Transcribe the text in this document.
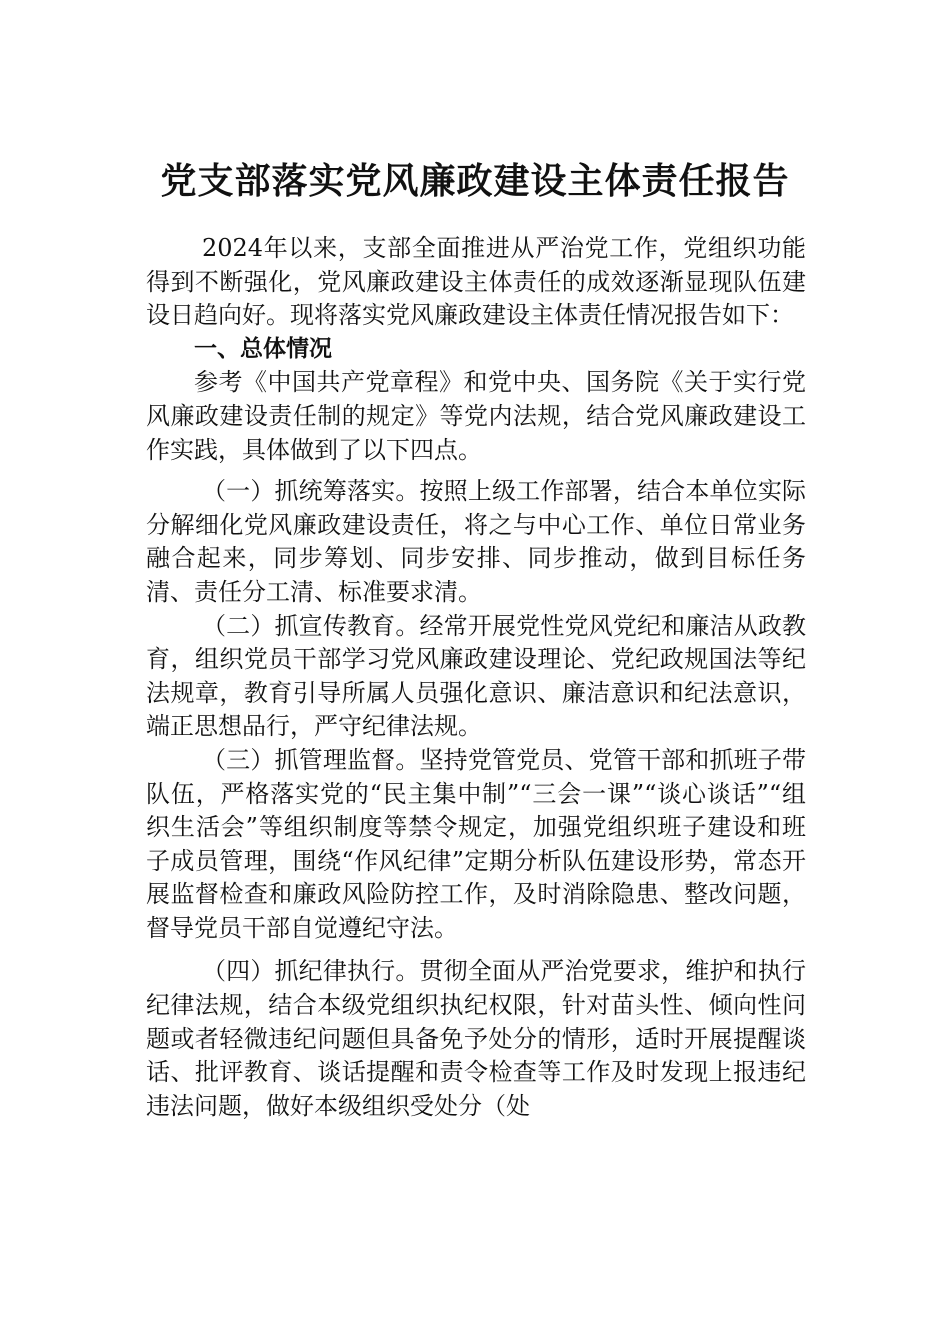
党支部落实党风廉政建设主体责任报告

2024年以来，支部全面推进从严治党工作，党组织功能得到不断强化，党风廉政建设主体责任的成效逐渐显现队伍建设日趋向好。现将落实党风廉政建设主体责任情况报告如下：

一、总体情况

参考《中国共产党章程》和党中央、国务院《关于实行党风廉政建设责任制的规定》等党内法规，结合党风廉政建设工作实践，具体做到了以下四点。

（一）抓统筹落实。按照上级工作部署，结合本单位实际分解细化党风廉政建设责任，将之与中心工作、单位日常业务融合起来，同步筹划、同步安排、同步推动，做到目标任务清、责任分工清、标准要求清。

（二）抓宣传教育。经常开展党性党风党纪和廉洁从政教育，组织党员干部学习党风廉政建设理论、党纪政规国法等纪法规章，教育引导所属人员强化意识、廉洁意识和纪法意识，端正思想品行，严守纪律法规。

（三）抓管理监督。坚持党管党员、党管干部和抓班子带队伍，严格落实党的“民主集中制”“三会一课”“谈心谈话”“组织生活会”等组织制度等禁令规定，加强党组织班子建设和班子成员管理，围绕“作风纪律”定期分析队伍建设形势，常态开展监督检查和廉政风险防控工作，及时消除隐患、整改问题，督导党员干部自觉遵纪守法。

（四）抓纪律执行。贯彻全面从严治党要求，维护和执行纪律法规，结合本级党组织执纪权限，针对苗头性、倾向性问题或者轻微违纪问题但具备免予处分的情形，适时开展提醒谈话、批评教育、谈话提醒和责令检查等工作及时发现上报违纪违法问题，做好本级组织受处分（处
